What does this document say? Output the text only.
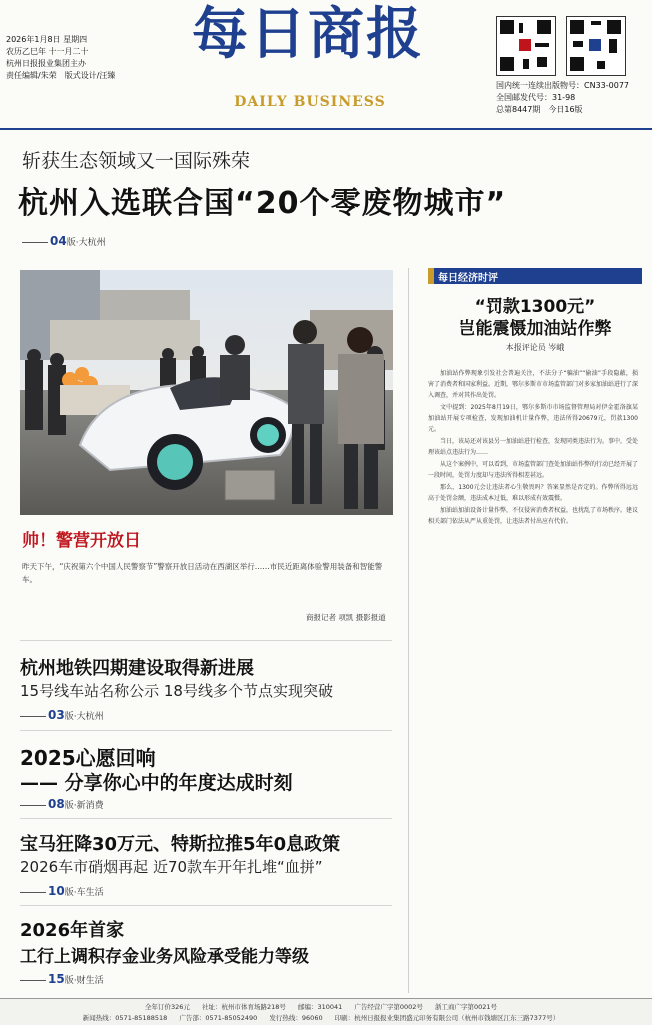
2026年1月8日 星期四
农历乙巳年 十一月二十
杭州日报报业集团主办
责任编辑/朱荣　版式设计/汪臻
每日商报
DAILY BUSINESS
国内统一连续出版物号：CN33-0077
全国邮发代号：31-98
总第8447期　今日16版
斩获生态领域又一国际殊荣
杭州入选联合国“20个零废物城市”
04版·大杭州
帅！警营开放日
昨天下午，“庆祝第六个中国人民警察节”警察开放日活动在西湖区举行……市民近距离体验警用装备和智能警车。
商报记者 项凯 摄影报道
杭州地铁四期建设取得新进展
15号线车站名称公示 18号线多个节点实现突破
03版·大杭州
2025心愿回响
—— 分享你心中的年度达成时刻
08版·新消费
宝马狂降30万元、特斯拉推5年0息政策
2026车市硝烟再起 近70款车开年扎堆“血拼”
10版·车生活
2026年首家
工行上调积存金业务风险承受能力等级
15版·财生活
每日经济时评
“罚款1300元”
岂能震慑加油站作弊
本报评论员 岑峨

加油站作弊现象引发社会普遍关注，不法分子“骗油”“偷油”手段隐蔽，损害了消费者和国家利益。近期，鄂尔多斯市市场监管部门对多家加油站进行了深入调查，并对其作出处罚。

文中提到：2025年8月19日，鄂尔多斯市市场监督管理局对伊金霍洛旗某加油站开展专项检查，发现加油机计量作弊，违法所得20679元，罚款1300元。

当日，该局还对该县另一加油站进行检查，发现同类违法行为。事中，受处理该站点违法行为……

从这个案例中，可以看到，市场监管部门查处加油站作弊的行动已经开展了一段时间，处罚力度却与违法所得相差甚远。

那么，1300元会让违法者心生敬畏吗？答案显然是否定的。作弊所得远远高于处罚金额，违法成本过低，难以形成有效震慑。

加油站加油设备计量作弊，不仅侵害消费者权益，也扰乱了市场秩序。建议相关部门依法从严从重处罚，让违法者付出应有代价。

全年订价326元 社址：杭州市体育场路218号 邮编：310041 广告经营广字第0002号 浙工商广字第0021号
新闻热线：0571-85188518 广告部：0571-85052490 发行热线：96060 印刷：杭州日报报业集团盛元印务有限公司（杭州市钱塘区江东三路7377号）
